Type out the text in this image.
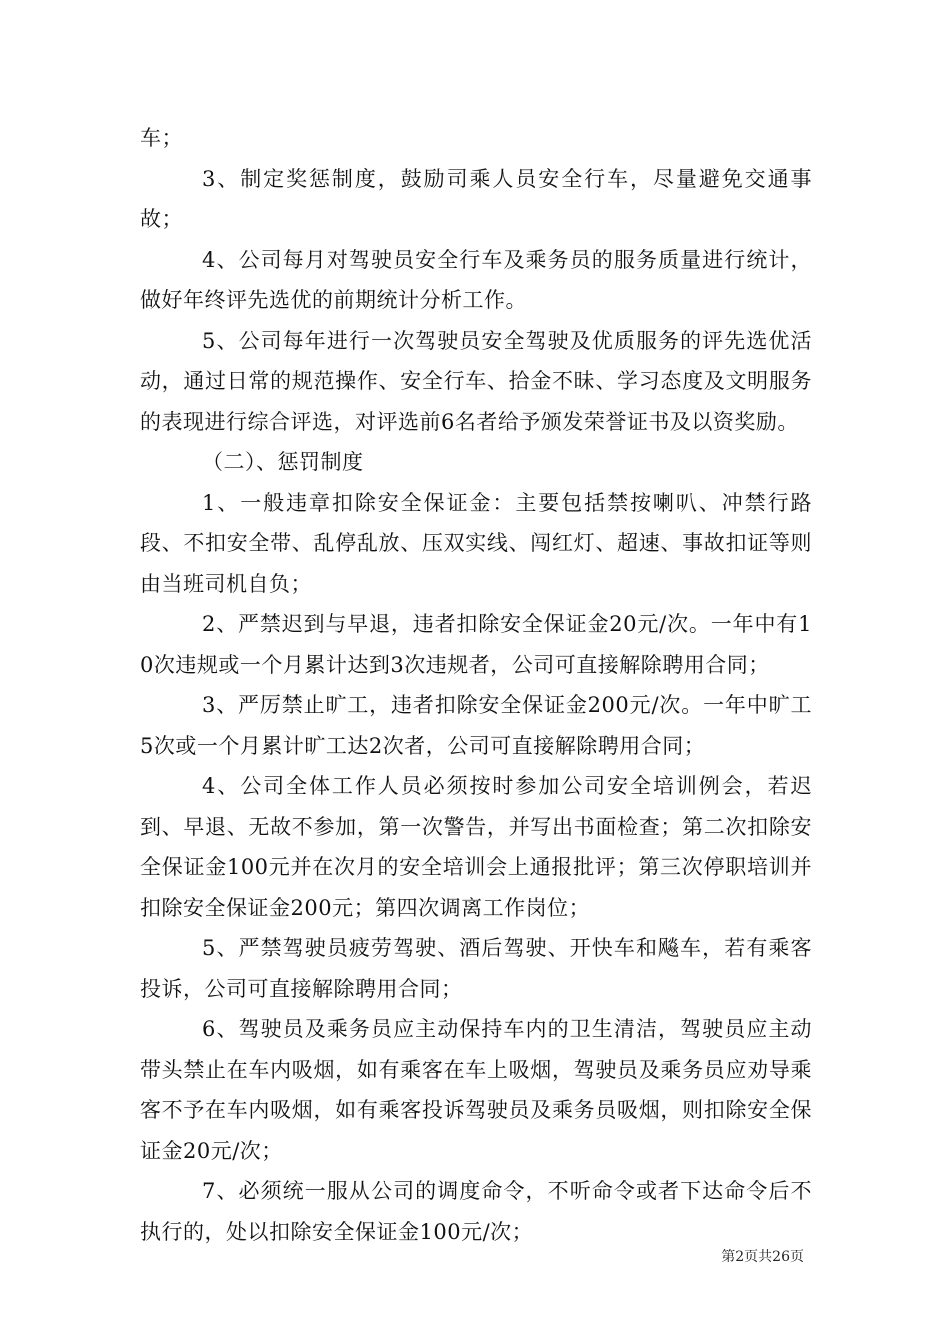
车；

3、制定奖惩制度，鼓励司乘人员安全行车，尽量避免交通事故；

4、公司每月对驾驶员安全行车及乘务员的服务质量进行统计，做好年终评先选优的前期统计分析工作。

5、公司每年进行一次驾驶员安全驾驶及优质服务的评先选优活动，通过日常的规范操作、安全行车、拾金不昧、学习态度及文明服务的表现进行综合评选，对评选前6名者给予颁发荣誉证书及以资奖励。

（二）、惩罚制度

1、一般违章扣除安全保证金：主要包括禁按喇叭、冲禁行路段、不扣安全带、乱停乱放、压双实线、闯红灯、超速、事故扣证等则由当班司机自负；

2、严禁迟到与早退，违者扣除安全保证金20元/次。一年中有10次违规或一个月累计达到3次违规者，公司可直接解除聘用合同；

3、严厉禁止旷工，违者扣除安全保证金200元/次。一年中旷工5次或一个月累计旷工达2次者，公司可直接解除聘用合同；

4、公司全体工作人员必须按时参加公司安全培训例会，若迟到、早退、无故不参加，第一次警告，并写出书面检查；第二次扣除安全保证金100元并在次月的安全培训会上通报批评；第三次停职培训并扣除安全保证金200元；第四次调离工作岗位；

5、严禁驾驶员疲劳驾驶、酒后驾驶、开快车和飚车，若有乘客投诉，公司可直接解除聘用合同；

6、驾驶员及乘务员应主动保持车内的卫生清洁，驾驶员应主动带头禁止在车内吸烟，如有乘客在车上吸烟，驾驶员及乘务员应劝导乘客不予在车内吸烟，如有乘客投诉驾驶员及乘务员吸烟，则扣除安全保证金20元/次；

7、必须统一服从公司的调度命令，不听命令或者下达命令后不执行的，处以扣除安全保证金100元/次；

第2页共26页
